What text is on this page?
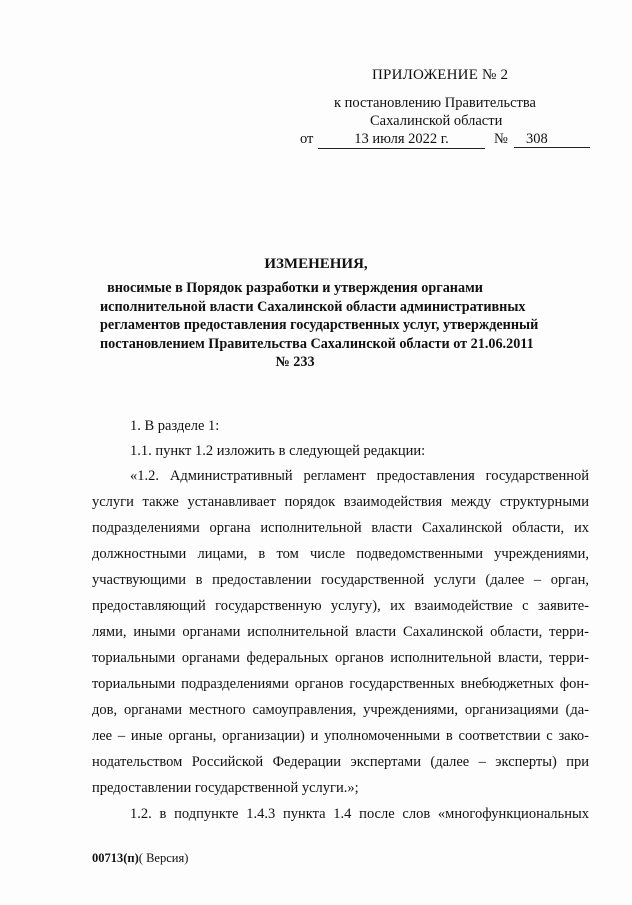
ПРИЛОЖЕНИЕ № 2
к постановлению Правительства
Сахалинской области
от	13 июля 2022 г.	№	308
ИЗМЕНЕНИЯ,
вносимые в Порядок разработки и утверждения органами
исполнительной власти Сахалинской области административных
регламентов предоставления государственных услуг, утвержденный
постановлением Правительства Сахалинской области от 21.06.2011
№ 233
1. В разделе 1:
1.1. пункт 1.2 изложить в следующей редакции:
«1.2. Административный регламент предоставления государственной
услуги также устанавливает порядок взаимодействия между структурными
подразделениями органа исполнительной власти Сахалинской области, их
должностными лицами, в том числе подведомственными учреждениями,
участвующими в предоставлении государственной услуги (далее – орган,
предоставляющий государственную услугу), их взаимодействие с заявите-
лями, иными органами исполнительной власти Сахалинской области, терри-
ториальными органами федеральных органов исполнительной власти, терри-
ториальными подразделениями органов государственных внебюджетных фон-
дов, органами местного самоуправления, учреждениями, организациями (да-
лее – иные органы, организации) и уполномоченными в соответствии с зако-
нодательством Российской Федерации экспертами (далее – эксперты) при
предоставлении государственной услуги.»;
1.2. в подпункте 1.4.3 пункта 1.4 после слов «многофункциональных
00713(п)( Версия)
